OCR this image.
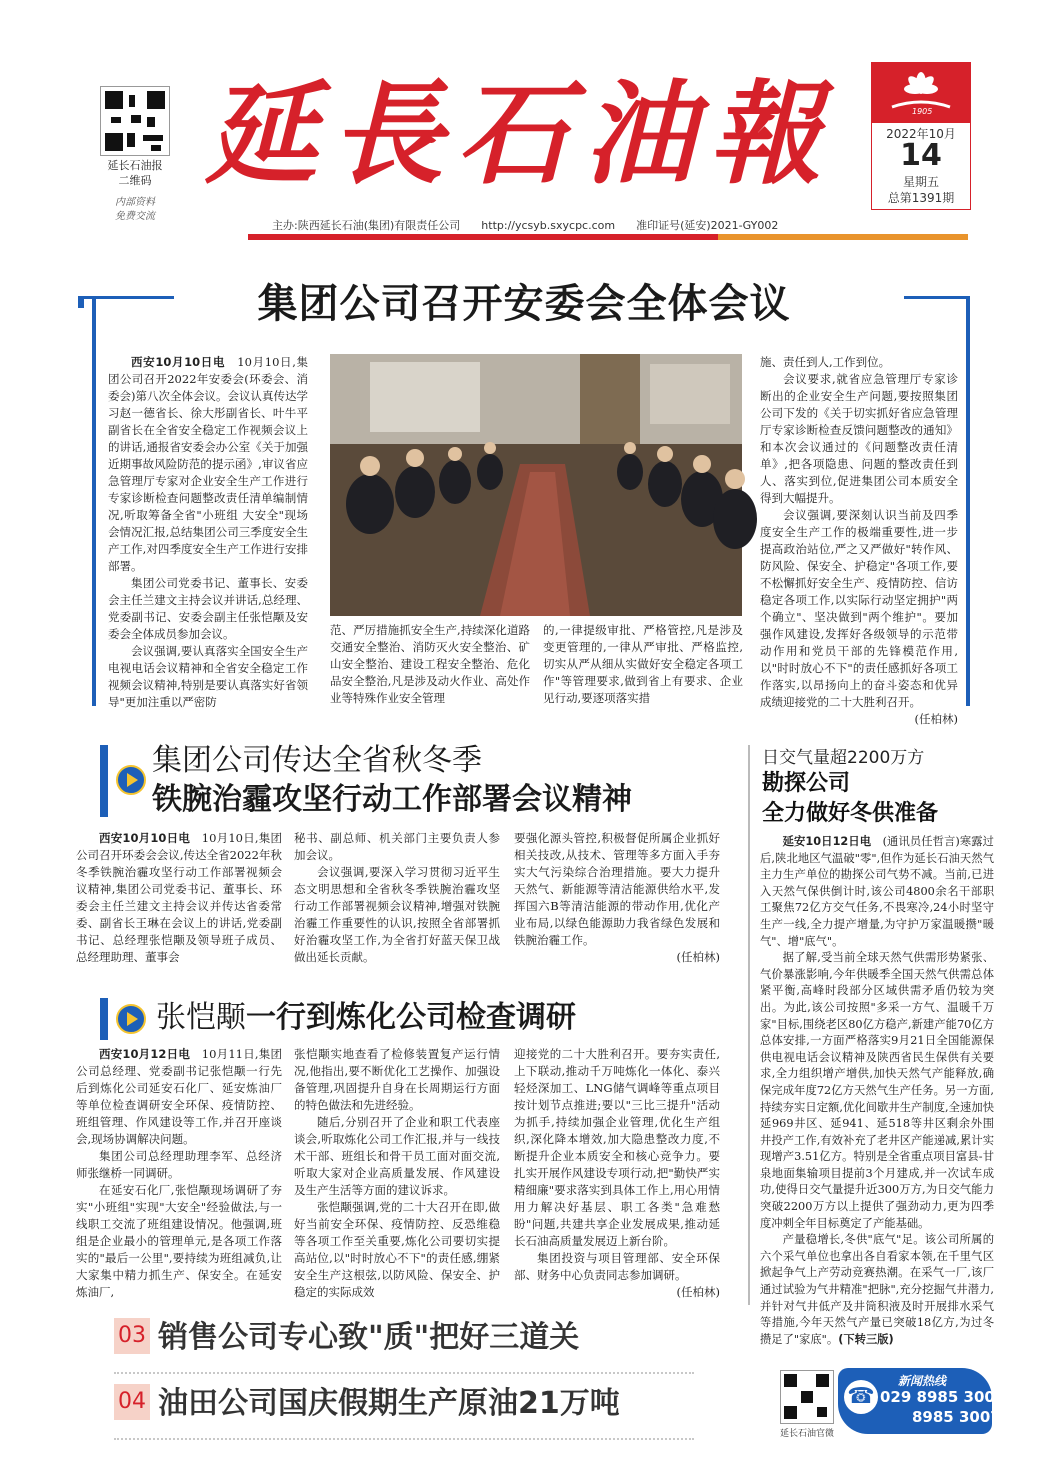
延长石油报
二维码
内部资料
免费交流
延長石油報	1905
2022年10月
14
星期五
总第1391期
主办:陕西延长石油(集团)有限责任公司 http://ycsyb.sxycpc.com 准印证号(延安)2021-GY002
集团公司召开安委会全体会议

西安10月10日电　 10月10日,集团公司召开2022年安委会(环委会、消委会)第八次全体会议。会议认真传达学习赵一德省长、徐大彤副省长、叶牛平副省长在全省安全稳定工作视频会议上的讲话,通报省安委会办公室《关于加强近期事故风险防范的提示函》,审议省应急管理厅专家对企业安全生产工作进行专家诊断检查问题整改责任清单编制情况,听取筹备全省"小班组 大安全"现场会情况汇报,总结集团公司三季度安全生产工作,对四季度安全生产工作进行安排部署。

集团公司党委书记、董事长、安委会主任兰建文主持会议并讲话,总经理、党委副书记、安委会副主任张恺颙及安委会全体成员参加会议。

会议强调,要认真落实全国安全生产电视电话会议精神和全省安全稳定工作视频会议精神,特别是要认真落实好省领导"更加注重以严密防

范、严厉措施抓安全生产,持续深化道路交通安全整治、消防灭火安全整治、矿山安全整治、建设工程安全整治、危化品安全整治,凡是涉及动火作业、高处作业等特殊作业安全管理
的,一律提级审批、严格管控,凡是涉及变更管理的,一律从严审批、严格监控,切实从严从细从实做好安全稳定各项工作"等管理要求,做到省上有要求、企业见行动,要逐项落实措
施、责任到人,工作到位。

会议要求,就省应急管理厅专家诊断出的企业安全生产问题,要按照集团公司下发的《关于切实抓好省应急管理厅专家诊断检查反馈问题整改的通知》和本次会议通过的《问题整改责任清单》,把各项隐患、问题的整改责任到人、落实到位,促进集团公司本质安全得到大幅提升。

会议强调,要深刻认识当前及四季度安全生产工作的极端重要性,进一步提高政治站位,严之又严做好"转作风、防风险、保安全、护稳定"各项工作,要不松懈抓好安全生产、疫情防控、信访稳定各项工作,以实际行动坚定拥护"两个确立"、坚决做到"两个维护"。要加强作风建设,发挥好各级领导的示范带动作用和党员干部的先锋模范作用,以"时时放心不下"的责任感抓好各项工作落实,以昂扬向上的奋斗姿态和优异成绩迎接党的二十大胜利召开。

(任柏林)
集团公司传达全省秋冬季
铁腕治霾攻坚行动工作部署会议精神

西安10月10日电　 10月10日,集团公司召开环委会会议,传达全省2022年秋冬季铁腕治霾攻坚行动工作部署视频会议精神,集团公司党委书记、董事长、环委会主任兰建文主持会议并传达省委常委、副省长王琳在会议上的讲话,党委副书记、总经理张恺颙及领导班子成员、总经理助理、董事会

秘书、副总师、机关部门主要负责人参加会议。

会议强调,要深入学习贯彻习近平生态文明思想和全省秋冬季铁腕治霾攻坚行动工作部署视频会议精神,增强对铁腕治霾工作重要性的认识,按照全省部署抓好治霾攻坚工作,为全省打好蓝天保卫战做出延长贡献。

要强化源头管控,积极督促所属企业抓好相关技改,从技术、管理等多方面入手夯实大气污染综合治理措施。要大力提升天然气、新能源等清洁能源供给水平,发挥国六B等清洁能源的带动作用,优化产业布局,以绿色能源助力我省绿色发展和铁腕治霾工作。
(任柏林)
张恺颙一行到炼化公司检查调研

西安10月12日电　 10月11日,集团公司总经理、党委副书记张恺颙一行先后到炼化公司延安石化厂、延安炼油厂等单位检查调研安全环保、疫情防控、班组管理、作风建设等工作,并召开座谈会,现场协调解决问题。

集团公司总经理助理李军、总经济师张继桥一同调研。

在延安石化厂,张恺颙现场调研了夯实"小班组"实现"大安全"经验做法,与一线职工交流了班组建设情况。他强调,班组是企业最小的管理单元,是各项工作落实的"最后一公里",要持续为班组减负,让大家集中精力抓生产、保安全。在延安炼油厂,

张恺颙实地查看了检修装置复产运行情况,他指出,要不断优化工艺操作、加强设备管理,巩固提升自身在长周期运行方面的特色做法和先进经验。

随后,分别召开了企业和职工代表座谈会,听取炼化公司工作汇报,并与一线技术干部、班组长和骨干员工面对面交流,听取大家对企业高质量发展、作风建设及生产生活等方面的建议诉求。

张恺颙强调,党的二十大召开在即,做好当前安全环保、疫情防控、反恐维稳等各项工作至关重要,炼化公司要切实提高站位,以"时时放心不下"的责任感,绷紧安全生产这根弦,以防风险、保安全、护稳定的实际成效

迎接党的二十大胜利召开。要夯实责任,上下联动,推动千万吨炼化一体化、泰兴轻烃深加工、LNG储气调峰等重点项目按计划节点推进;要以"三比三提升"活动为抓手,持续加强企业管理,优化生产组织,深化降本增效,加大隐患整改力度,不断提升企业本质安全和核心竞争力。要扎实开展作风建设专项行动,把"勤快严实精细廉"要求落实到具体工作上,用心用情用力解决好基层、职工各类"急难愁盼"问题,共建共享企业发展成果,推动延长石油高质量发展迈上新台阶。

集团投资与项目管理部、安全环保部、财务中心负责同志参加调研。

(任柏林)
03 销售公司专心致"质"把好三道关
04 油田公司国庆假期生产原油21万吨
日交气量超2200万方
勘探公司
全力做好冬供准备

延安10日12日电　 (通讯员任哲言)寒露过后,陕北地区气温破"零",但作为延长石油天然气主力生产单位的勘探公司气势不减。当前,已进入天然气保供倒计时,该公司4800余名干部职工聚焦72亿方交气任务,不畏寒冷,24小时坚守生产一线,全力提产增量,为守护万家温暖攒"暖气"、增"底气"。

据了解,受当前全球天然气供需形势紧张、气价暴涨影响,今年供暖季全国天然气供需总体紧平衡,高峰时段部分区域供需矛盾仍较为突出。为此,该公司按照"多采一方气、温暖千万家"目标,围绕老区80亿方稳产,新建产能70亿方总体安排,一方面严格落实9月21日全国能源保供电视电话会议精神及陕西省民生保供有关要求,全力组织增产增供,加快天然气产能释放,确保完成年度72亿方天然气生产任务。另一方面,持续夯实日定额,优化间歇井生产制度,全速加快延969井区、延941、延518等井区剩余外围井投产工作,有效补充了老井区产能递减,累计实现增产3.51亿方。特别是全省重点项目富县-甘泉地面集输项目提前3个月建成,并一次试车成功,使得日交气量提升近300万方,为日交气能力突破2200万方以上提供了强劲动力,更为四季度冲刺全年目标奠定了产能基础。

产量稳增长,冬供"底气"足。该公司所属的六个采气单位也拿出各自看家本领,在千里气区掀起争气上产劳动竞赛热潮。在采气一厂,该厂通过试验为气井精准"把脉",充分挖掘气井潜力,并针对气井低产及井筒积液及时开展排水采气等措施,今年天然气产量已突破18亿方,为过冬攒足了"家底"。(下转三版)

延长石油官微
☎
新闻热线
029 8985 3003
8985 3007
